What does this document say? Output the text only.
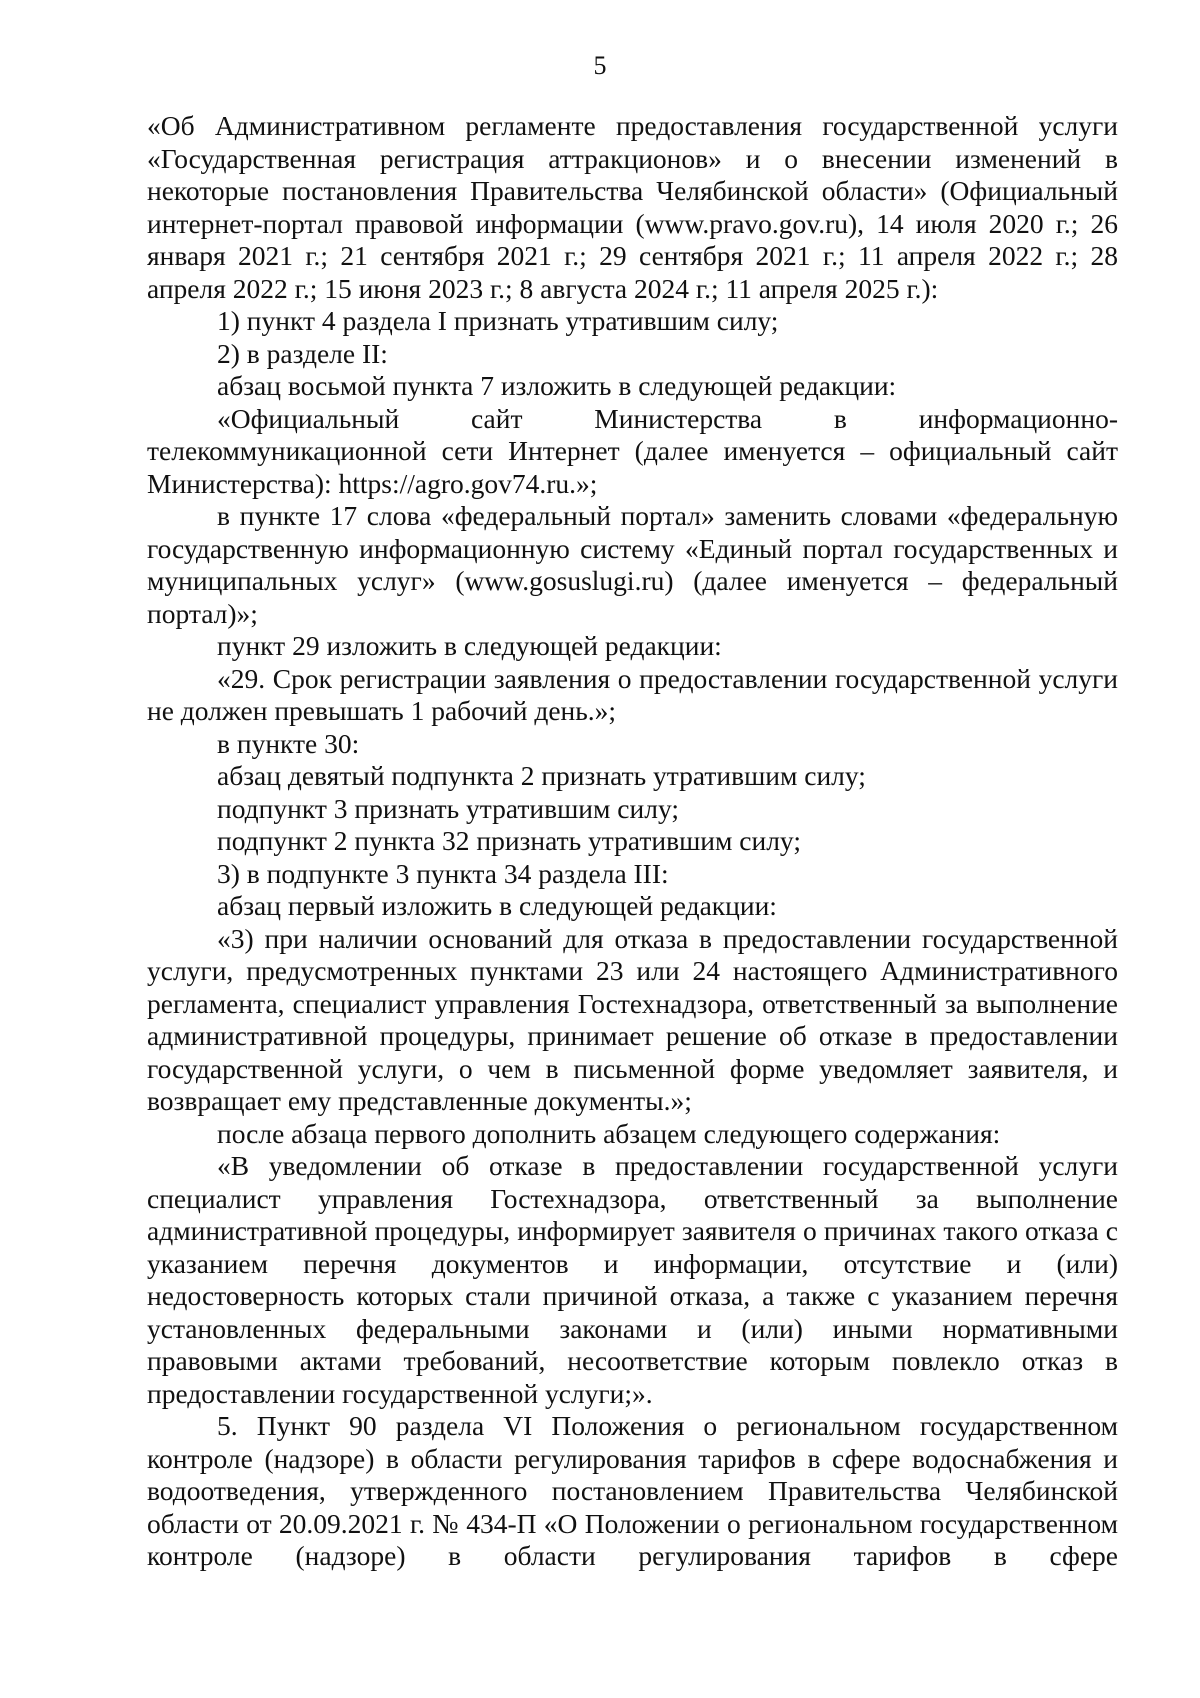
5

«Об Административном регламенте предоставления государственной услуги «Государственная регистрация аттракционов» и о внесении изменений в некоторые постановления Правительства Челябинской области» (Официальный интернет-портал правовой информации (www.pravo.gov.ru), 14 июля 2020 г.; 26 января 2021 г.; 21 сентября 2021 г.; 29 сентября 2021 г.; 11 апреля 2022 г.; 28 апреля 2022 г.; 15 июня 2023 г.; 8 августа 2024 г.; 11 апреля 2025 г.):

1) пункт 4 раздела I признать утратившим силу;

2) в разделе II:

абзац восьмой пункта 7 изложить в следующей редакции:

«Официальный сайт Министерства в информационно-телекоммуникационной сети Интернет (далее именуется – официальный сайт Министерства): https://agro.gov74.ru.»;

в пункте 17 слова «федеральный портал» заменить словами «федеральную государственную информационную систему «Единый портал государственных и муниципальных услуг» (www.gosuslugi.ru) (далее именуется – федеральный портал)»;

пункт 29 изложить в следующей редакции:

«29. Срок регистрации заявления о предоставлении государственной услуги не должен превышать 1 рабочий день.»;

в пункте 30:

абзац девятый подпункта 2 признать утратившим силу;

подпункт 3 признать утратившим силу;

подпункт 2 пункта 32 признать утратившим силу;

3) в подпункте 3 пункта 34 раздела III:

абзац первый изложить в следующей редакции:

«3) при наличии оснований для отказа в предоставлении государственной услуги, предусмотренных пунктами 23 или 24 настоящего Административного регламента, специалист управления Гостехнадзора, ответственный за выполнение административной процедуры, принимает решение об отказе в предоставлении государственной услуги, о чем в письменной форме уведомляет заявителя, и возвращает ему представленные документы.»;

после абзаца первого дополнить абзацем следующего содержания:

«В уведомлении об отказе в предоставлении государственной услуги специалист управления Гостехнадзора, ответственный за выполнение административной процедуры, информирует заявителя о причинах такого отказа с указанием перечня документов и информации, отсутствие и (или) недостоверность которых стали причиной отказа, а также с указанием перечня установленных федеральными законами и (или) иными нормативными правовыми актами требований, несоответствие которым повлекло отказ в предоставлении государственной услуги;».

5. Пункт 90 раздела VI Положения о региональном государственном контроле (надзоре) в области регулирования тарифов в сфере водоснабжения и водоотведения, утвержденного постановлением Правительства Челябинской области от 20.09.2021 г. № 434-П «О Положении о региональном государственном контроле (надзоре) в области регулирования тарифов в сфере
